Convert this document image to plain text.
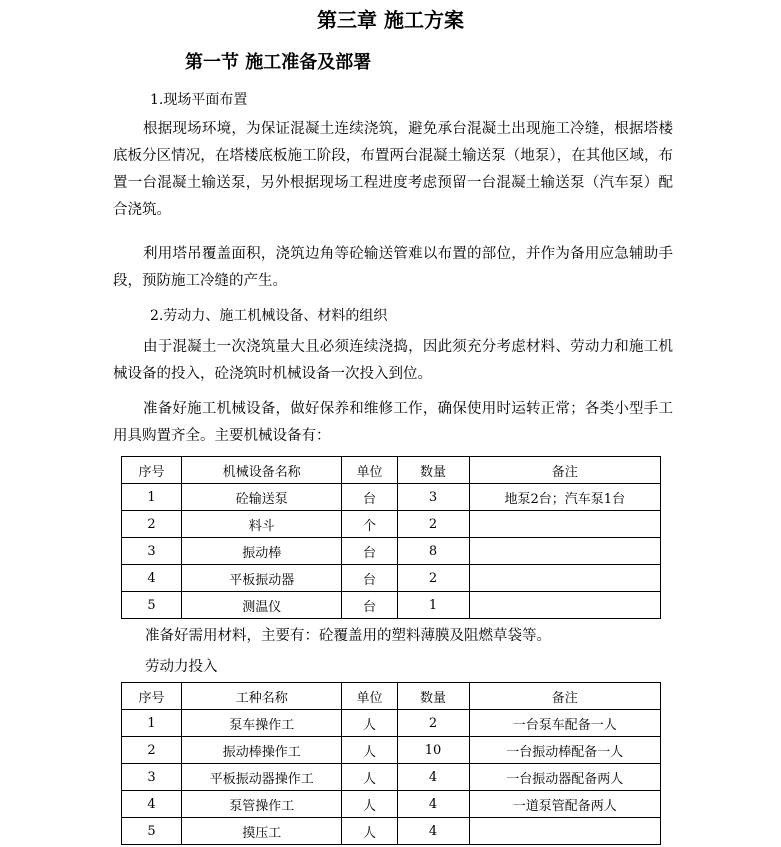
第三章 施工方案
第一节 施工准备及部署
1.现场平面布置
根据现场环境，为保证混凝土连续浇筑，避免承台混凝土出现施工冷缝，根据塔楼底板分区情况，在塔楼底板施工阶段，布置两台混凝土输送泵（地泵），在其他区域，布置一台混凝土输送泵，另外根据现场工程进度考虑预留一台混凝土输送泵（汽车泵）配合浇筑。
利用塔吊覆盖面积，浇筑边角等砼输送管难以布置的部位，并作为备用应急辅助手段，预防施工冷缝的产生。
2.劳动力、施工机械设备、材料的组织
由于混凝土一次浇筑量大且必须连续浇捣，因此须充分考虑材料、劳动力和施工机械设备的投入，砼浇筑时机械设备一次投入到位。
准备好施工机械设备，做好保养和维修工作，确保使用时运转正常；各类小型手工用具购置齐全。主要机械设备有：
序号	机械设备名称	单位	数量	备注
1	砼输送泵	台	3	地泵2台；汽车泵1台
2	料斗	个	2	
3	振动棒	台	8	
4	平板振动器	台	2	
5	测温仪	台	1	
准备好需用材料，主要有：砼覆盖用的塑料薄膜及阻燃草袋等。
劳动力投入
序号	工种名称	单位	数量	备注
1	泵车操作工	人	2	一台泵车配备一人
2	振动棒操作工	人	10	一台振动棒配备一人
3	平板振动器操作工	人	4	一台振动器配备两人
4	泵管操作工	人	4	一道泵管配备两人
5	摸压工	人	4	
